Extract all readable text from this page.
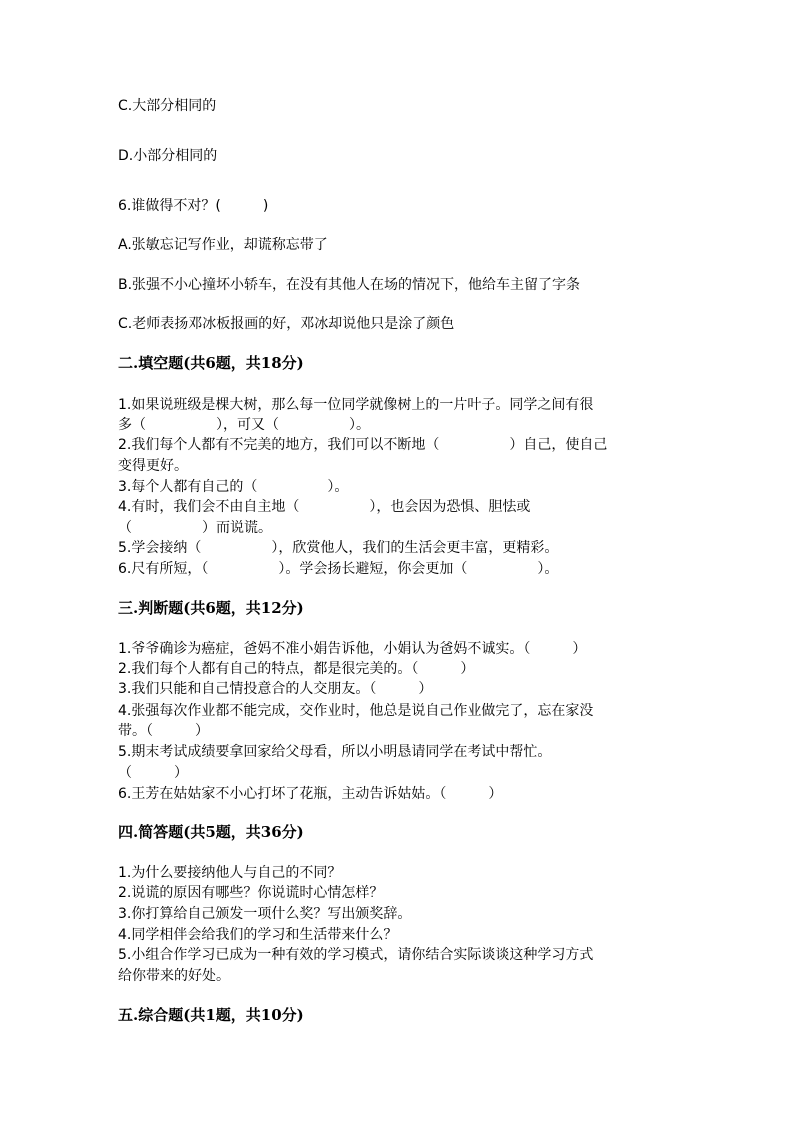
C.大部分相同的
D.小部分相同的
6.谁做得不对？(　　　)
A.张敏忘记写作业，却谎称忘带了
B.张强不小心撞坏小轿车，在没有其他人在场的情况下，他给车主留了字条
C.老师表扬邓冰板报画的好，邓冰却说他只是涂了颜色
二.填空题(共6题，共18分)
1.如果说班级是棵大树，那么每一位同学就像树上的一片叶子。同学之间有很
多（　　　　　），可又（　　　　　）。
2.我们每个人都有不完美的地方，我们可以不断地（　　　　　）自己，使自己
变得更好。
3.每个人都有自己的（　　　　　）。
4.有时，我们会不由自主地（　　　　　），也会因为恐惧、胆怯或
（　　　　　）而说谎。
5.学会接纳（　　　　　），欣赏他人，我们的生活会更丰富，更精彩。
6.尺有所短，（　　　　　）。学会扬长避短，你会更加（　　　　　）。
三.判断题(共6题，共12分)
1.爷爷确诊为癌症，爸妈不准小娟告诉他，小娟认为爸妈不诚实。（　　　）
2.我们每个人都有自己的特点，都是很完美的。（　　　）
3.我们只能和自己情投意合的人交朋友。（　　　）
4.张强每次作业都不能完成，交作业时，他总是说自己作业做完了，忘在家没
带。（　　　）
5.期末考试成绩要拿回家给父母看，所以小明恳请同学在考试中帮忙。
（　　　）
6.王芳在姑姑家不小心打坏了花瓶，主动告诉姑姑。（　　　）
四.简答题(共5题，共36分)
1.为什么要接纳他人与自己的不同？
2.说谎的原因有哪些？你说谎时心情怎样？
3.你打算给自己颁发一项什么奖？写出颁奖辞。
4.同学相伴会给我们的学习和生活带来什么？
5.小组合作学习已成为一种有效的学习模式，请你结合实际谈谈这种学习方式
给你带来的好处。
五.综合题(共1题，共10分)
